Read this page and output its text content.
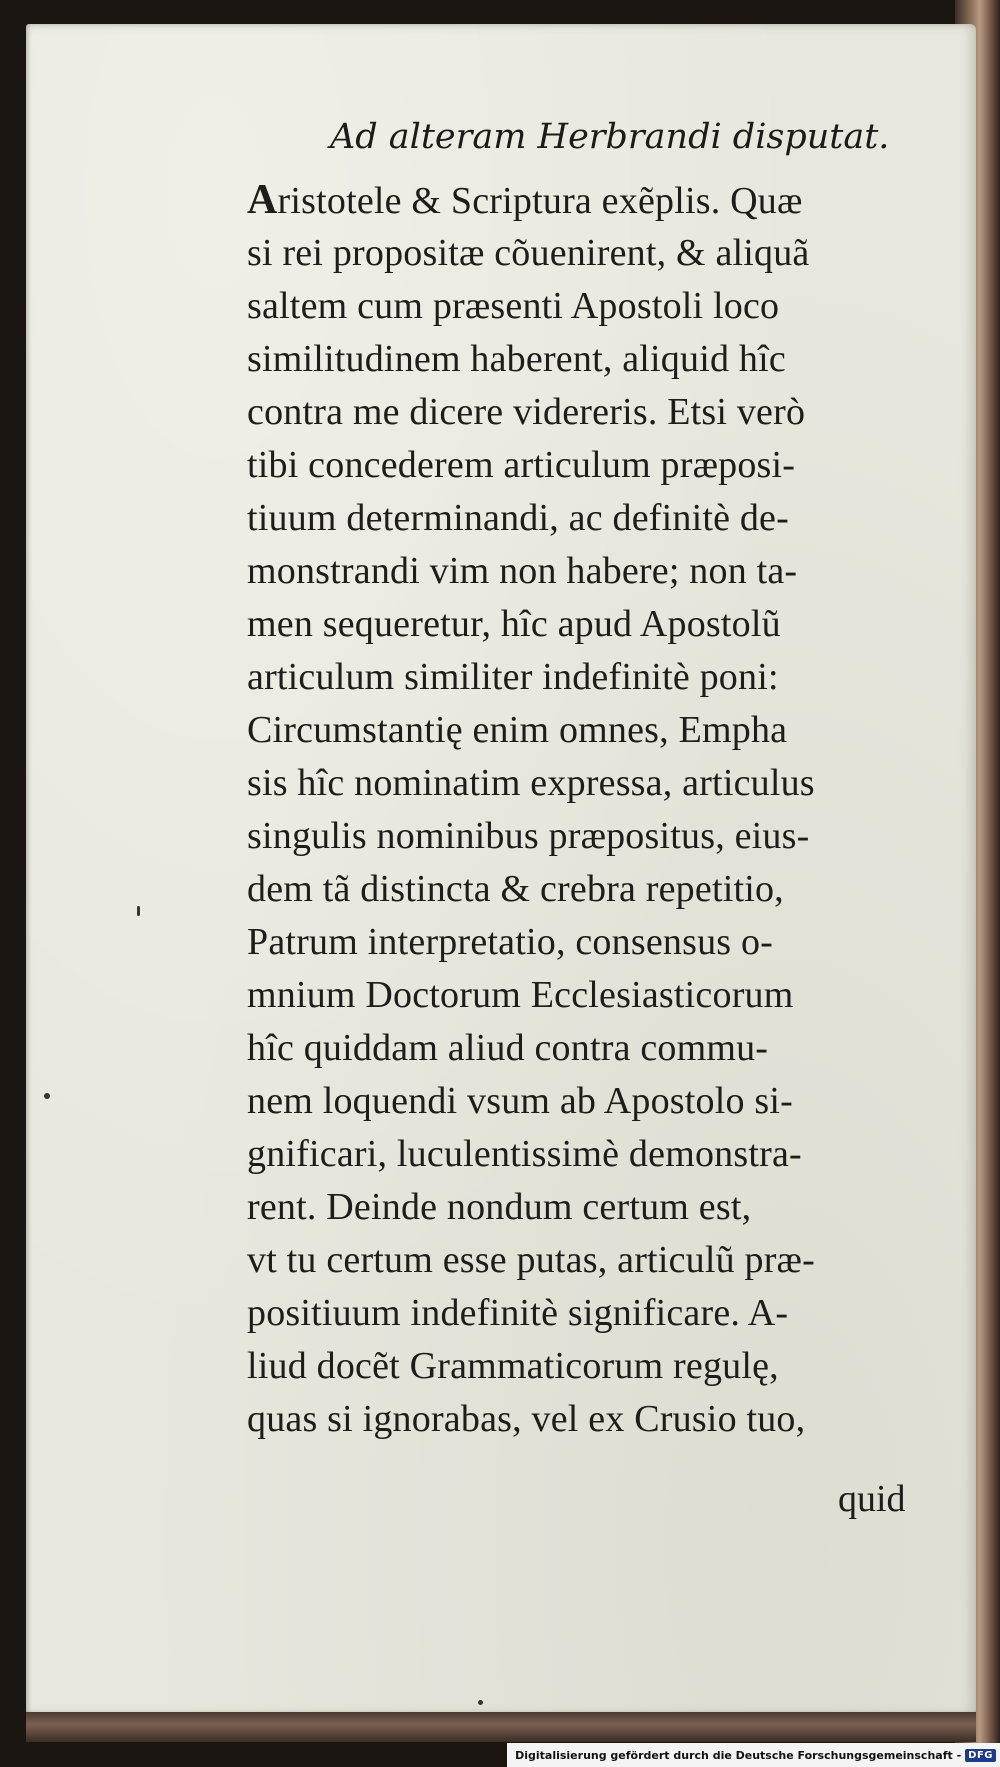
Ad alteram Herbrandi disputat.
Aristotele & Scriptura exẽplis. Quæ
si rei propositæ cõuenirent, & aliquã
saltem cum præsenti Apostoli loco
similitudinem haberent, aliquid hîc
contra me dicere videreris. Etsi verò
tibi concederem articulum præposi-
tiuum determinandi, ac definitè de-
monstrandi vim non habere; non ta-
men sequeretur, hîc apud Apostolũ
articulum similiter indefinitè poni:
Circumstantię enim omnes, Empha
sis hîc nominatim expressa, articulus
singulis nominibus præpositus, eius-
dem tã distincta & crebra repetitio,
Patrum interpretatio, consensus o-
mnium Doctorum Ecclesiasticorum
hîc quiddam aliud contra commu-
nem loquendi vsum ab Apostolo si-
gnificari, luculentissimè demonstra-
rent. Deinde nondum certum est,
vt tu certum esse putas, articulũ præ-
positiuum indefinitè significare. A-
liud docẽt Grammaticorum regulę,
quas si ignorabas, vel ex Crusio tuo,
quid
Digitalisierung gefördert durch die Deutsche Forschungsgemeinschaft - DFG
